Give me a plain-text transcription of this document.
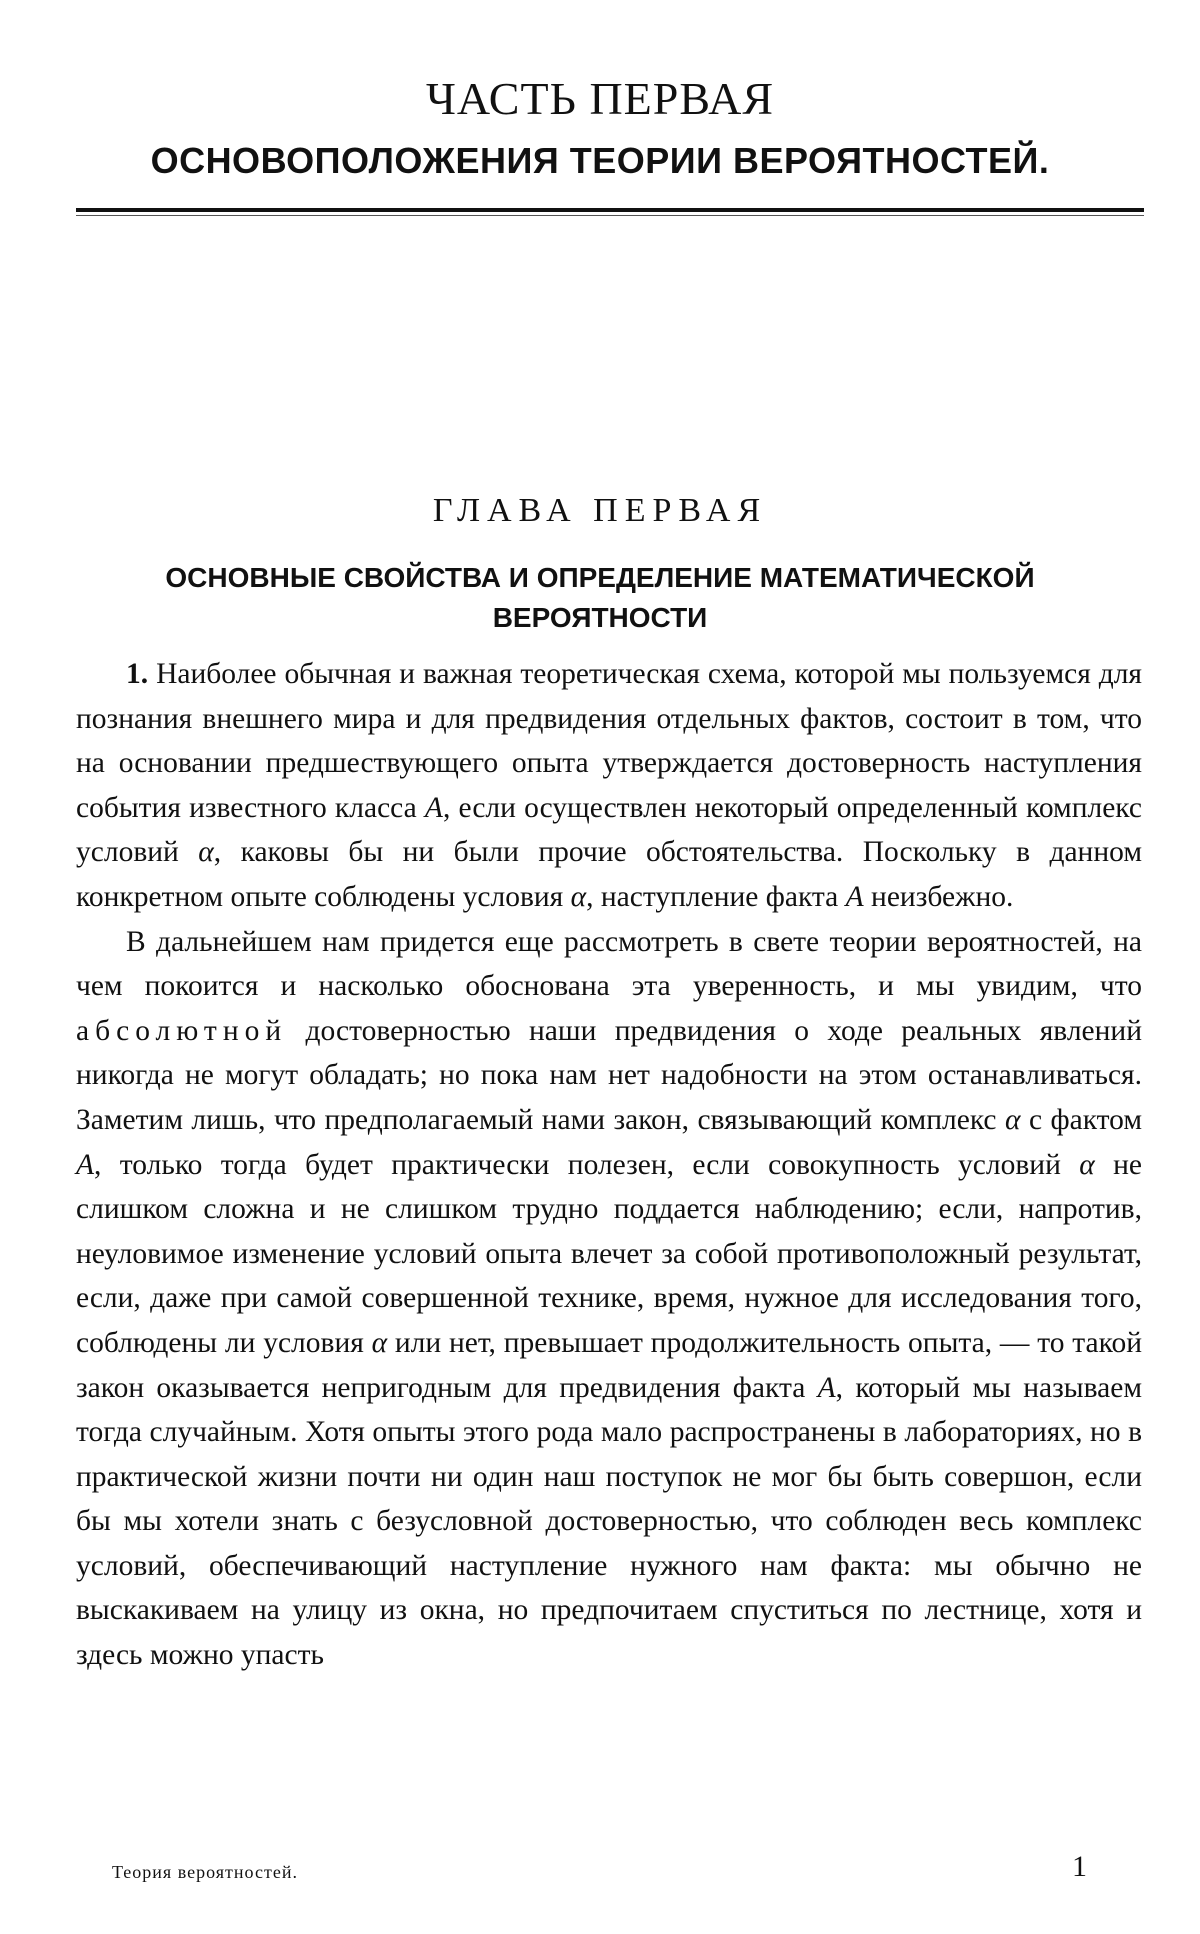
ЧАСТЬ ПЕРВАЯ
ОСНОВОПОЛОЖЕНИЯ ТЕОРИИ ВЕРОЯТНОСТЕЙ.
ГЛАВА ПЕРВАЯ
ОСНОВНЫЕ СВОЙСТВА И ОПРЕДЕЛЕНИЕ МАТЕМАТИЧЕСКОЙ
ВЕРОЯТНОСТИ

1. Наиболее обычная и важная теоретическая схема, которой мы пользуемся для познания внешнего мира и для предвидения отдельных фактов, состоит в том, что на основании предшествующего опыта утверждается достоверность наступления события известного класса A, если осуществлен некоторый определенный комплекс условий α, каковы бы ни были прочие обстоятельства. Поскольку в данном конкретном опыте соблюдены условия α, наступление факта A неизбежно.

В дальнейшем нам придется еще рассмотреть в свете теории вероятностей, на чем покоится и насколько обоснована эта уверенность, и мы увидим, что абсолютной достоверностью наши предвидения о ходе реальных явлений никогда не могут обладать; но пока нам нет надобности на этом останавливаться. Заметим лишь, что предполагаемый нами закон, связывающий комплекс α с фактом A, только тогда будет практически полезен, если совокупность условий α не слишком сложна и не слишком трудно поддается наблюдению; если, напротив, неуловимое изменение условий опыта влечет за собой противоположный результат, если, даже при самой совершенной технике, время, нужное для исследования того, соблюдены ли условия α или нет, превышает продолжительность опыта, — то такой закон оказывается непригодным для предвидения факта A, который мы называем тогда случайным. Хотя опыты этого рода мало распространены в лабораториях, но в практической жизни почти ни один наш поступок не мог бы быть совершон, если бы мы хотели знать с безусловной достоверностью, что соблюден весь комплекс условий, обеспечивающий наступление нужного нам факта: мы обычно не выскакиваем на улицу из окна, но предпочитаем спуститься по лестнице, хотя и здесь можно упасть

Теория вероятностей.	1
